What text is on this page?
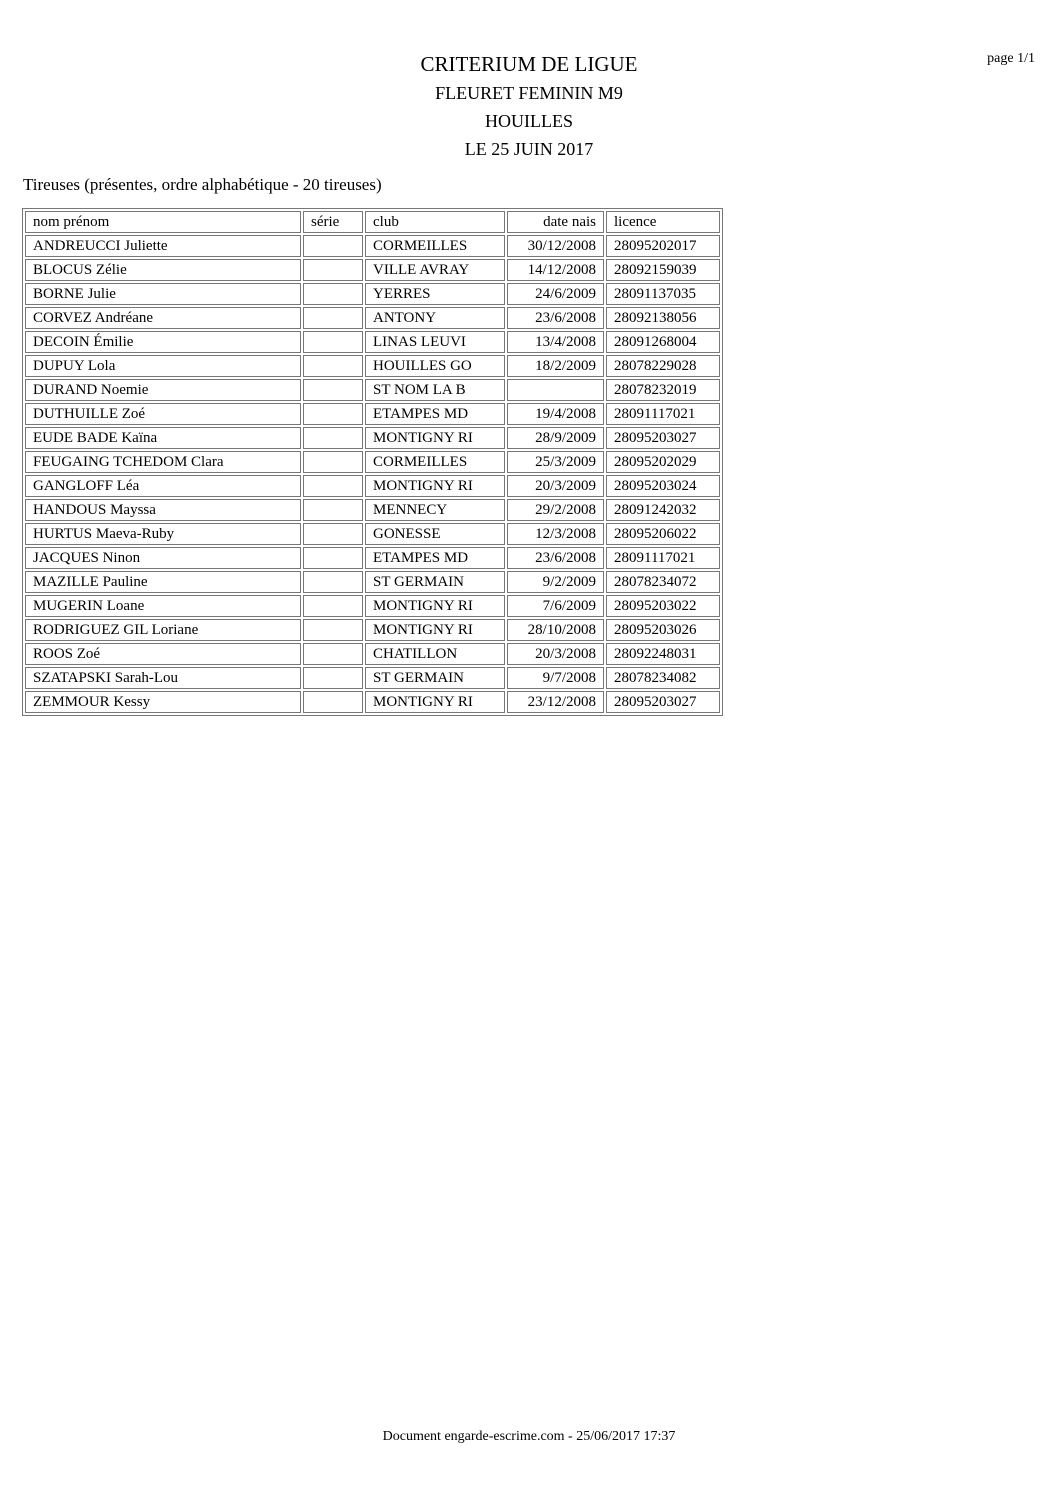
page 1/1
CRITERIUM DE LIGUE
FLEURET FEMININ M9
HOUILLES
LE 25 JUIN 2017
Tireuses (présentes, ordre alphabétique - 20 tireuses)
nom prénom	série	club	date nais	licence
ANDREUCCI Juliette		CORMEILLES	30/12/2008	28095202017
BLOCUS Zélie		VILLE AVRAY	14/12/2008	28092159039
BORNE Julie		YERRES	24/6/2009	28091137035
CORVEZ Andréane		ANTONY	23/6/2008	28092138056
DECOIN Émilie		LINAS LEUVI	13/4/2008	28091268004
DUPUY Lola		HOUILLES GO	18/2/2009	28078229028
DURAND Noemie		ST NOM LA B		28078232019
DUTHUILLE Zoé		ETAMPES MD	19/4/2008	28091117021
EUDE BADE Kaïna		MONTIGNY RI	28/9/2009	28095203027
FEUGAING TCHEDOM Clara		CORMEILLES	25/3/2009	28095202029
GANGLOFF Léa		MONTIGNY RI	20/3/2009	28095203024
HANDOUS Mayssa		MENNECY	29/2/2008	28091242032
HURTUS Maeva-Ruby		GONESSE	12/3/2008	28095206022
JACQUES Ninon		ETAMPES MD	23/6/2008	28091117021
MAZILLE Pauline		ST GERMAIN	9/2/2009	28078234072
MUGERIN Loane		MONTIGNY RI	7/6/2009	28095203022
RODRIGUEZ GIL Loriane		MONTIGNY RI	28/10/2008	28095203026
ROOS Zoé		CHATILLON	20/3/2008	28092248031
SZATAPSKI Sarah-Lou		ST GERMAIN	9/7/2008	28078234082
ZEMMOUR Kessy		MONTIGNY RI	23/12/2008	28095203027
Document engarde-escrime.com - 25/06/2017 17:37
